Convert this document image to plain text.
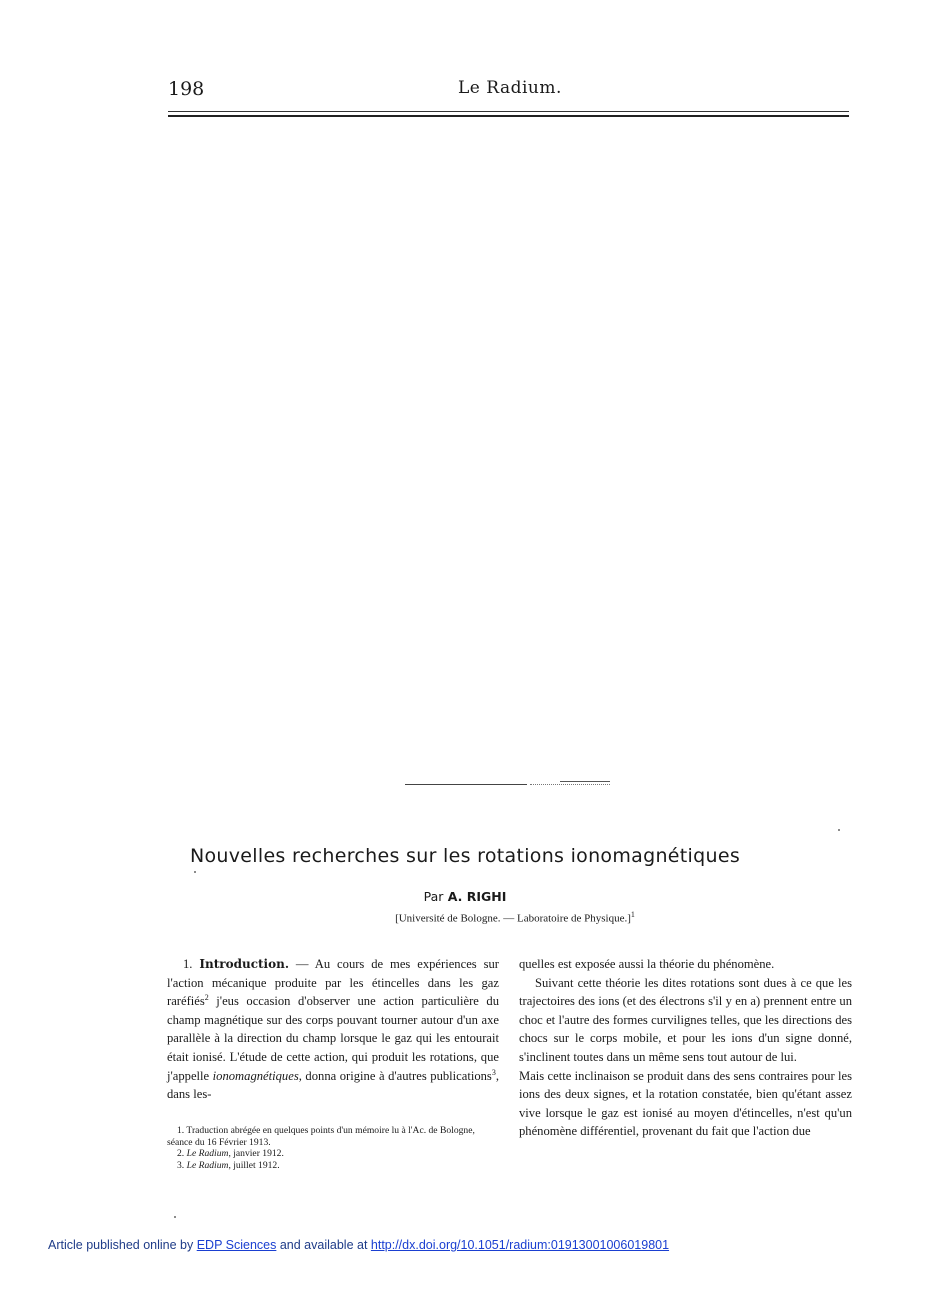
198	Le Radium.
Nouvelles recherches sur les rotations ionomagnétiques
Par A. RIGHI
[Université de Bologne. — Laboratoire de Physique.]$^1$

1. Introduction. — Au cours de mes expériences sur l'action mécanique produite par les étincelles dans les gaz raréfiés$^2$ j'eus occasion d'observer une action particulière du champ magnétique sur des corps pouvant tourner autour d'un axe parallèle à la direction du champ lorsque le gaz qui les entourait était ionisé. L'étude de cette action, qui produit les rotations, que j'appelle ionomagnétiques, donna origine à d'autres publications$^3$, dans les-

1. Traduction abrégée en quelques points d'un mémoire lu à l'Ac. de Bologne, séance du 16 Février 1913.

2. Le Radium, janvier 1912.

3. Le Radium, juillet 1912.

quelles est exposée aussi la théorie du phénomène.

Suivant cette théorie les dites rotations sont dues à ce que les trajectoires des ions (et des électrons s'il y en a) prennent entre un choc et l'autre des formes curvilignes telles, que les directions des chocs sur le corps mobile, et pour les ions d'un signe donné, s'inclinent toutes dans un même sens tout autour de lui.

Mais cette inclinaison se produit dans des sens contraires pour les ions des deux signes, et la rotation constatée, bien qu'étant assez vive lorsque le gaz est ionisé au moyen d'étincelles, n'est qu'un phénomène différentiel, provenant du fait que l'action due

Article published online by EDP Sciences and available at http://dx.doi.org/10.1051/radium:01913001006019801
